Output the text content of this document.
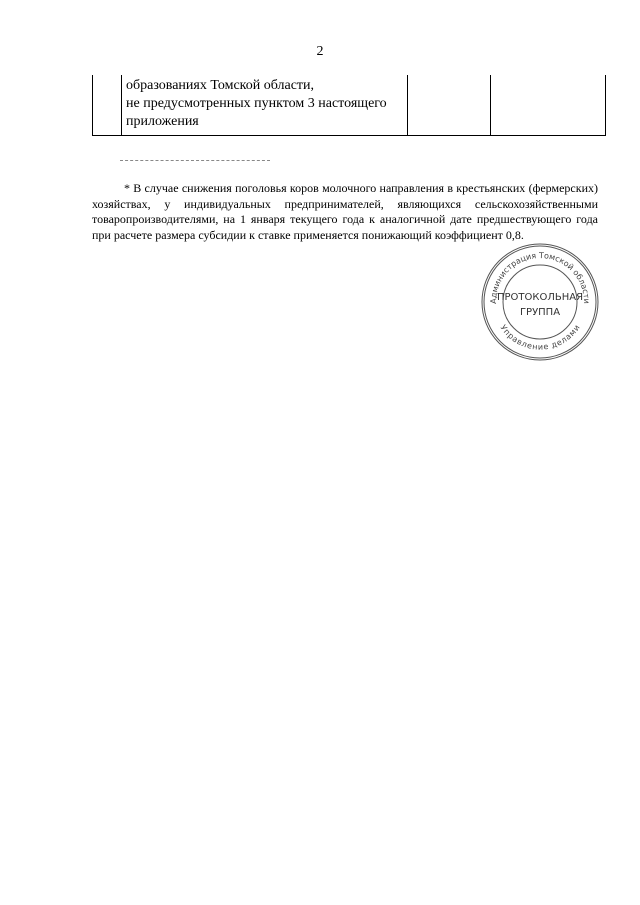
2

образованиях Томской области,
не предусмотренных пунктом 3 настоящего
приложения

* В случае снижения поголовья коров молочного направления в крестьянских (фермерских) хозяйствах, у индивидуальных предпринимателей, являющихся сельскохозяйственными товаропроизводителями, на 1 января текущего года к аналогичной дате предшествующего года при расчете размера субсидии к ставке применяется понижающий коэффициент 0,8.
Администрация Томской области
Управление делами
ПРОТОКОЛЬНАЯ
ГРУППА
